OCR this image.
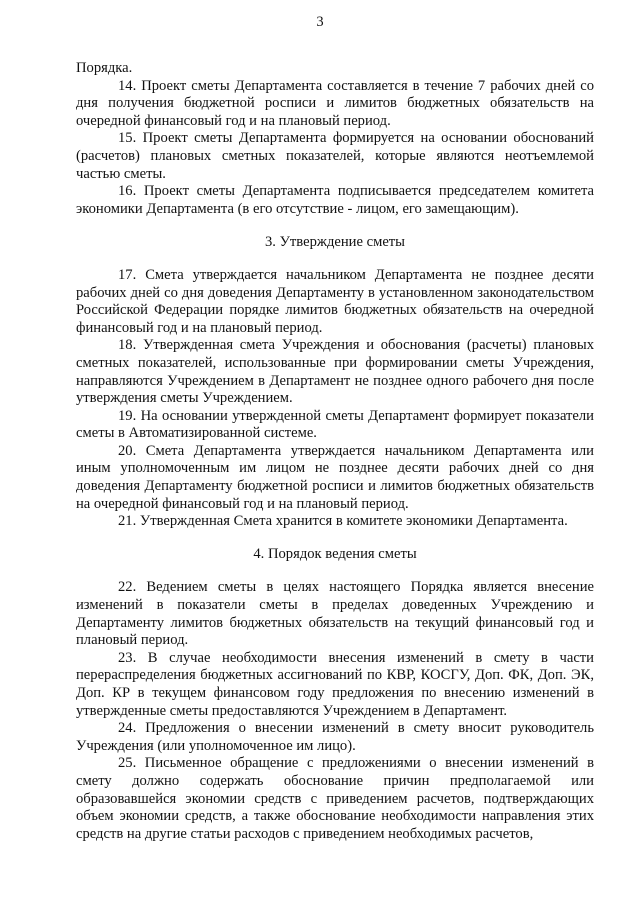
3

Порядка.

14. Проект сметы Департамента составляется в течение 7 рабочих дней со дня получения бюджетной росписи и лимитов бюджетных обязательств на очередной финансовый год и на плановый период.

15. Проект сметы Департамента формируется на основании обоснований (расчетов) плановых сметных показателей, которые являются неотъемлемой частью сметы.

16. Проект сметы Департамента подписывается председателем комитета экономики Департамента (в его отсутствие - лицом, его замещающим).

3. Утверждение сметы

17. Смета утверждается начальником Департамента не позднее десяти рабочих дней со дня доведения Департаменту в установленном законодательством Российской Федерации порядке лимитов бюджетных обязательств на очередной финансовый год и на плановый период.

18. Утвержденная смета Учреждения и обоснования (расчеты) плановых сметных показателей, использованные при формировании сметы Учреждения, направляются Учреждением в Департамент не позднее одного рабочего дня после утверждения сметы Учреждением.

19. На основании утвержденной сметы Департамент формирует показатели сметы в Автоматизированной системе.

20. Смета Департамента утверждается начальником Департамента или иным уполномоченным им лицом не позднее десяти рабочих дней со дня доведения Департаменту бюджетной росписи и лимитов бюджетных обязательств на очередной финансовый год и на плановый период.

21. Утвержденная Смета хранится в комитете экономики Департамента.

4. Порядок ведения сметы

22. Ведением сметы в целях настоящего Порядка является внесение изменений в показатели сметы в пределах доведенных Учреждению и Департаменту лимитов бюджетных обязательств на текущий финансовый год и плановый период.

23. В случае необходимости внесения изменений в смету в части перераспределения бюджетных ассигнований по КВР, КОСГУ, Доп. ФК, Доп. ЭК, Доп. КР в текущем финансовом году предложения по внесению изменений в утвержденные сметы предоставляются Учреждением в Департамент.

24. Предложения о внесении изменений в смету вносит руководитель Учреждения (или уполномоченное им лицо).

25. Письменное обращение с предложениями о внесении изменений в смету должно содержать обоснование причин предполагаемой или образовавшейся экономии средств с приведением расчетов, подтверждающих объем экономии средств, а также обоснование необходимости направления этих средств на другие статьи расходов с приведением необходимых расчетов,
